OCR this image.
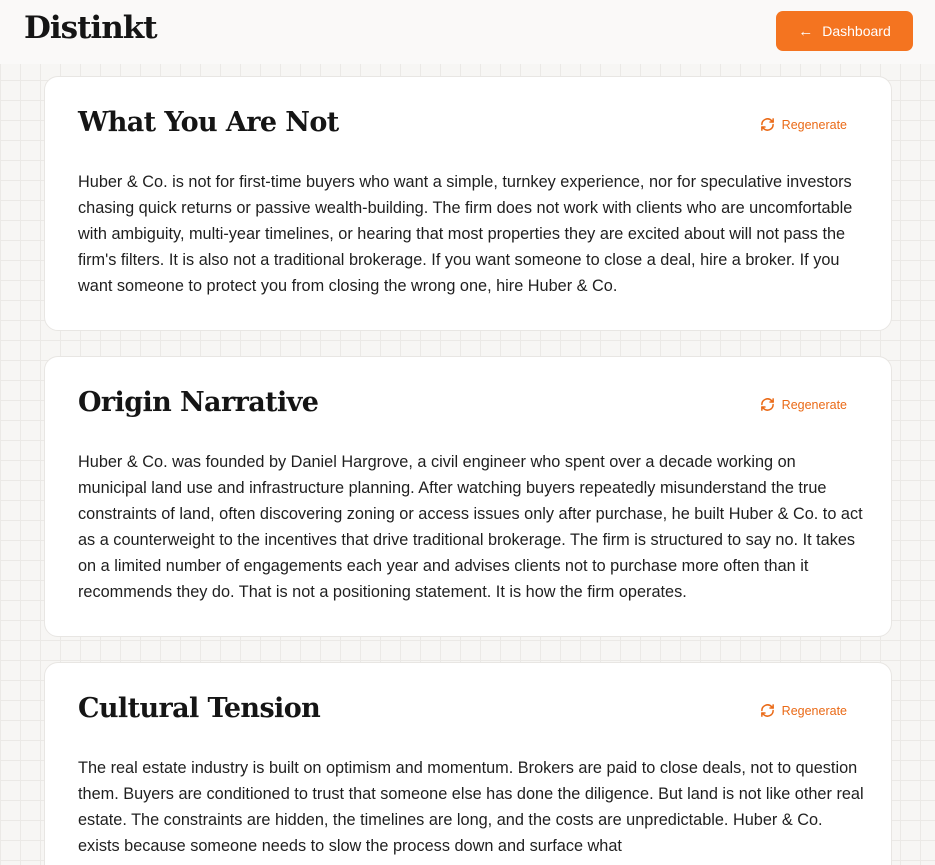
Distinkt	← Dashboard
What You Are Not	Regenerate

Huber & Co. is not for first-time buyers who want a simple, turnkey experience, nor for speculative investors chasing quick returns or passive wealth-building. The firm does not work with clients who are uncomfortable with ambiguity, multi-year timelines, or hearing that most properties they are excited about will not pass the firm's filters. It is also not a traditional brokerage. If you want someone to close a deal, hire a broker. If you want someone to protect you from closing the wrong one, hire Huber & Co.

Origin Narrative	Regenerate

Huber & Co. was founded by Daniel Hargrove, a civil engineer who spent over a decade working on municipal land use and infrastructure planning. After watching buyers repeatedly misunderstand the true constraints of land, often discovering zoning or access issues only after purchase, he built Huber & Co. to act as a counterweight to the incentives that drive traditional brokerage. The firm is structured to say no. It takes on a limited number of engagements each year and advises clients not to purchase more often than it recommends they do. That is not a positioning statement. It is how the firm operates.

Cultural Tension	Regenerate

The real estate industry is built on optimism and momentum. Brokers are paid to close deals, not to question them. Buyers are conditioned to trust that someone else has done the diligence. But land is not like other real estate. The constraints are hidden, the timelines are long, and the costs are unpredictable. Huber & Co. exists because someone needs to slow the process down and surface what
